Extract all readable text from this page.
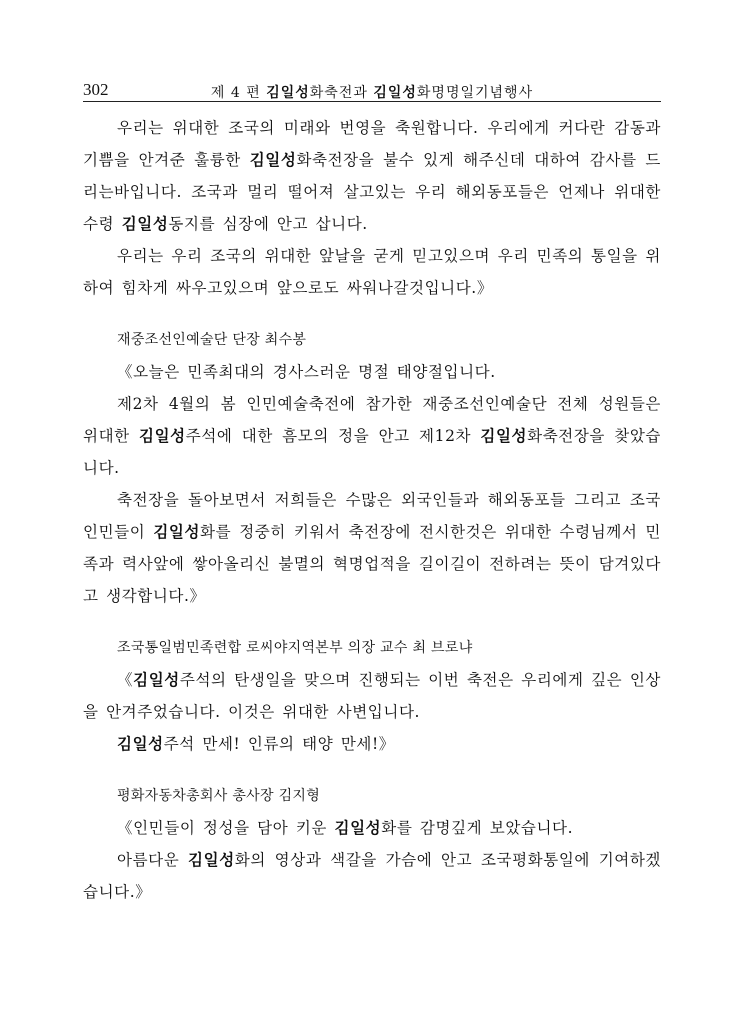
302	제 4 편 김일성화축전과 김일성화명명일기념행사

우리는 위대한 조국의 미래와 번영을 축원합니다. 우리에게 커다란 감동과 기쁨을 안겨준 훌륭한 김일성화축전장을 불수 있게 해주신데 대하여 감사를 드리는바입니다. 조국과 멀리 떨어져 살고있는 우리 해외동포들은 언제나 위대한 수령 김일성동지를 심장에 안고 삽니다.

우리는 우리 조국의 위대한 앞날을 굳게 믿고있으며 우리 민족의 통일을 위하여 힘차게 싸우고있으며 앞으로도 싸워나갈것입니다.》

재중조선인예술단 단장 최수봉

《오늘은 민족최대의 경사스러운 명절 태양절입니다.

제2차 4월의 봄 인민예술축전에 참가한 재중조선인예술단 전체 성원들은 위대한 김일성주석에 대한 흠모의 정을 안고 제12차 김일성화축전장을 찾았습니다.

축전장을 돌아보면서 저희들은 수많은 외국인들과 해외동포들 그리고 조국인민들이 김일성화를 정중히 키워서 축전장에 전시한것은 위대한 수령님께서 민족과 력사앞에 쌓아올리신 불멸의 혁명업적을 길이길이 전하려는 뜻이 담겨있다고 생각합니다.》

조국통일범민족련합 로씨야지역본부 의장 교수 최 브로냐

《김일성주석의 탄생일을 맞으며 진행되는 이번 축전은 우리에게 깊은 인상을 안겨주었습니다. 이것은 위대한 사변입니다.

김일성주석 만세! 인류의 태양 만세!》

평화자동차총회사 총사장 김지형

《인민들이 정성을 담아 키운 김일성화를 감명깊게 보았습니다.

아름다운 김일성화의 영상과 색갈을 가슴에 안고 조국평화통일에 기여하겠습니다.》
